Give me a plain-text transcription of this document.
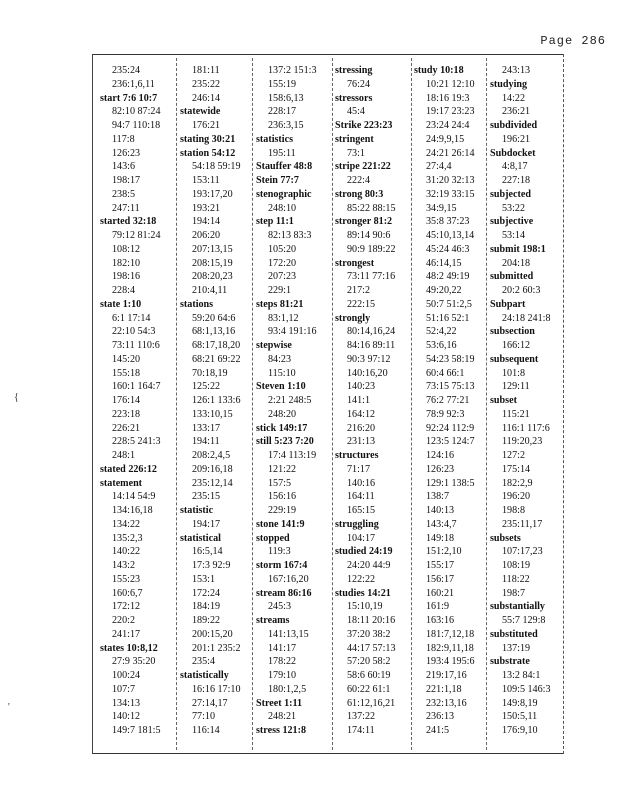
Page 286
235:24
236:1,6,11
start 7:6 10:7
82:10 87:24
94:7 110:18
117:8
126:23
143:6
198:17
238:5
247:11
started 32:18
79:12 81:24
108:12
182:10
198:16
228:4
state 1:10
6:1 17:14
22:10 54:3
73:11 110:6
145:20
155:18
160:1 164:7
176:14
223:18
226:21
228:5 241:3
248:1
stated 226:12
statement
14:14 54:9
134:16,18
134:22
135:2,3
140:22
143:2
155:23
160:6,7
172:12
220:2
241:17
states 10:8,12
27:9 35:20
100:24
107:7
134:13
140:12
149:7 181:5
181:11
235:22
246:14
statewide
176:21
stating 30:21
station 54:12
54:18 59:19
153:11
193:17,20
193:21
194:14
206:20
207:13,15
208:15,19
208:20,23
210:4,11
stations
59:20 64:6
68:1,13,16
68:17,18,20
68:21 69:22
70:18,19
125:22
126:1 133:6
133:10,15
133:17
194:11
208:2,4,5
209:16,18
235:12,14
235:15
statistic
194:17
statistical
16:5,14
17:3 92:9
153:1
172:24
184:19
189:22
200:15,20
201:1 235:2
235:4
statistically
16:16 17:10
27:14,17
77:10
116:14
137:2 151:3
155:19
158:6,13
228:17
236:3,15
statistics
195:11
Stauffer 48:8
Stein 77:7
stenographic
248:10
step 11:1
82:13 83:3
105:20
172:20
207:23
229:1
steps 81:21
83:1,12
93:4 191:16
stepwise
84:23
115:10
Steven 1:10
2:21 248:5
248:20
stick 149:17
still 5:23 7:20
17:4 113:19
121:22
157:5
156:16
229:19
stone 141:9
stopped
119:3
storm 167:4
167:16,20
stream 86:16
245:3
streams
141:13,15
141:17
178:22
179:10
180:1,2,5
Street 1:11
248:21
stress 121:8
stressing
76:24
stressors
45:4
Strike 223:23
stringent
73:1
stripe 221:22
222:4
strong 80:3
85:22 88:15
stronger 81:2
89:14 90:6
90:9 189:22
strongest
73:11 77:16
217:2
222:15
strongly
80:14,16,24
84:16 89:11
90:3 97:12
140:16,20
140:23
141:1
164:12
216:20
231:13
structures
71:17
140:16
164:11
165:15
struggling
104:17
studied 24:19
24:20 44:9
122:22
studies 14:21
15:10,19
18:11 20:16
37:20 38:2
44:17 57:13
57:20 58:2
58:6 60:19
60:22 61:1
61:12,16,21
137:22
174:11
study 10:18
10:21 12:10
18:16 19:3
19:17 23:23
23:24 24:4
24:9,9,15
24:21 26:14
27:4,4
31:20 32:13
32:19 33:15
34:9,15
35:8 37:23
45:10,13,14
45:24 46:3
46:14,15
48:2 49:19
49:20,22
50:7 51:2,5
51:16 52:1
52:4,22
53:6,16
54:23 58:19
60:4 66:1
73:15 75:13
76:2 77:21
78:9 92:3
92:24 112:9
123:5 124:7
124:16
126:23
129:1 138:5
138:7
140:13
143:4,7
149:18
151:2,10
155:17
156:17
160:21
161:9
163:16
181:7,12,18
182:9,11,18
193:4 195:6
219:17,16
221:1,18
232:13,16
236:13
241:5
243:13
studying
14:22
236:21
subdivided
196:21
Subdocket
4:8,17
227:18
subjected
53:22
subjective
53:14
submit 198:1
204:18
submitted
20:2 60:3
Subpart
24:18 241:8
subsection
166:12
subsequent
101:8
129:11
subset
115:21
116:1 117:6
119:20,23
127:2
175:14
182:2,9
196:20
198:8
235:11,17
subsets
107:17,23
108:19
118:22
198:7
substantially
55:7 129:8
substituted
137:19
substrate
13:2 84:1
109:5 146:3
149:8,19
150:5,11
176:9,10
{
'
